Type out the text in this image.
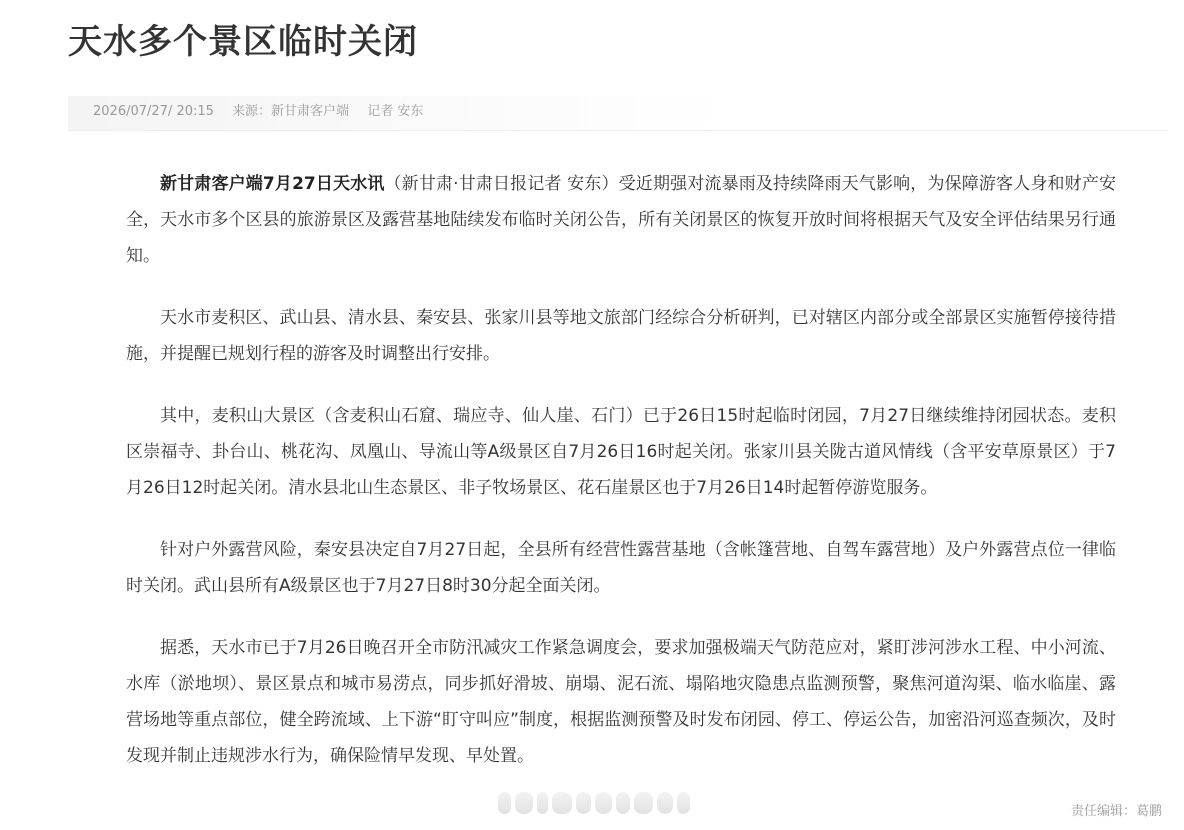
天水多个景区临时关闭
2026/07/27/ 20:15 来源：新甘肃客户端 记者 安东

新甘肃客户端7月27日天水讯（新甘肃·甘肃日报记者 安东）受近期强对流暴雨及持续降雨天气影响，为保障游客人身和财产安全，天水市多个区县的旅游景区及露营基地陆续发布临时关闭公告，所有关闭景区的恢复开放时间将根据天气及安全评估结果另行通知。

天水市麦积区、武山县、清水县、秦安县、张家川县等地文旅部门经综合分析研判，已对辖区内部分或全部景区实施暂停接待措施，并提醒已规划行程的游客及时调整出行安排。

其中，麦积山大景区（含麦积山石窟、瑞应寺、仙人崖、石门）已于26日15时起临时闭园，7月27日继续维持闭园状态。麦积区崇福寺、卦台山、桃花沟、凤凰山、导流山等A级景区自7月26日16时起关闭。张家川县关陇古道风情线（含平安草原景区）于7月26日12时起关闭。清水县北山生态景区、非子牧场景区、花石崖景区也于7月26日14时起暂停游览服务。

针对户外露营风险，秦安县决定自7月27日起，全县所有经营性露营基地（含帐篷营地、自驾车露营地）及户外露营点位一律临时关闭。武山县所有A级景区也于7月27日8时30分起全面关闭。

据悉，天水市已于7月26日晚召开全市防汛减灾工作紧急调度会，要求加强极端天气防范应对，紧盯涉河涉水工程、中小河流、水库（淤地坝）、景区景点和城市易涝点，同步抓好滑坡、崩塌、泥石流、塌陷地灾隐患点监测预警，聚焦河道沟渠、临水临崖、露营场地等重点部位，健全跨流域、上下游“盯守叫应”制度，根据监测预警及时发布闭园、停工、停运公告，加密沿河巡查频次，及时发现并制止违规涉水行为，确保险情早发现、早处置。

责任编辑：葛鹏
